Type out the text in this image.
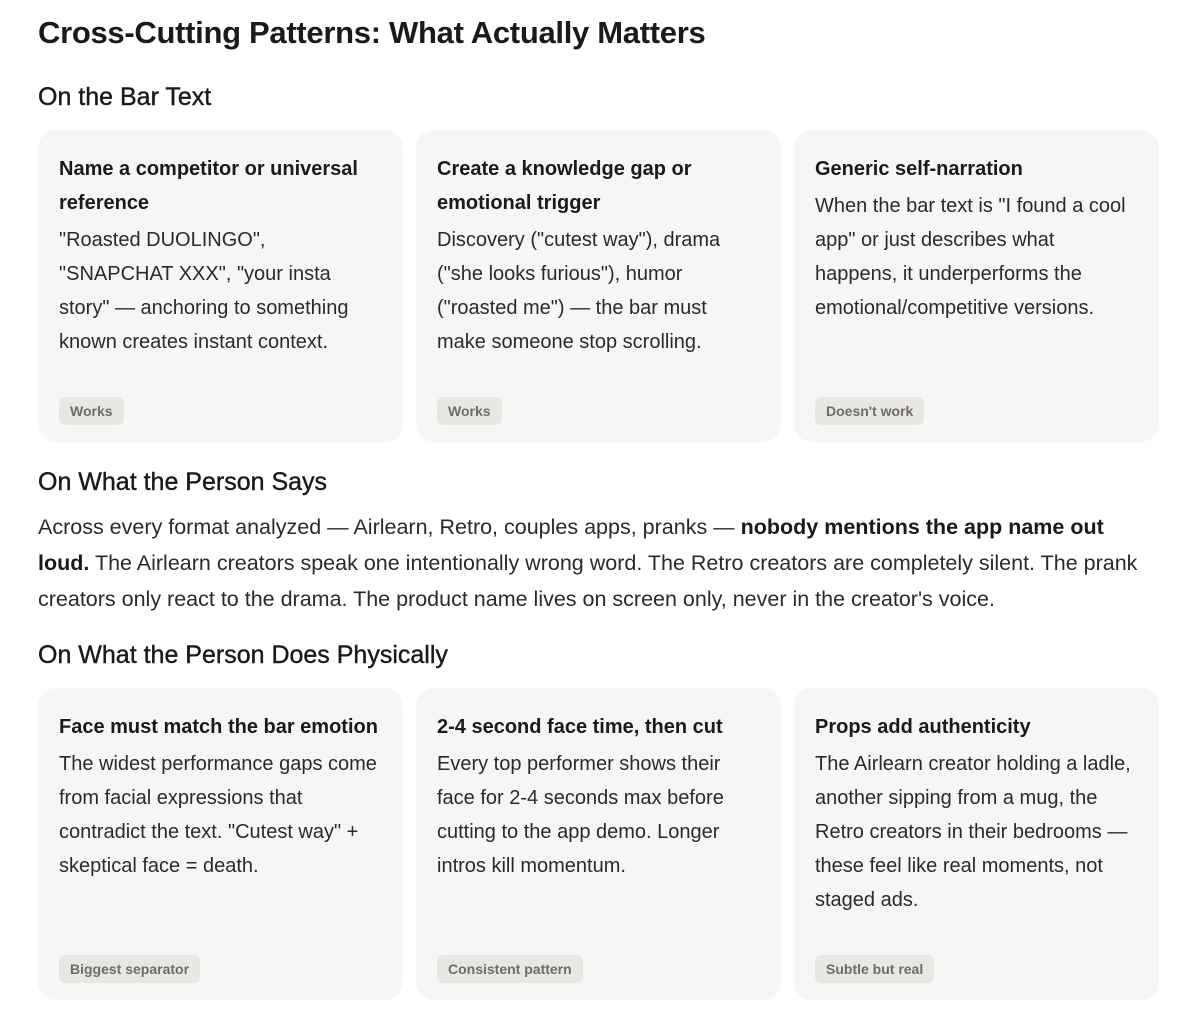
Cross-Cutting Patterns: What Actually Matters
On the Bar Text
Name a competitor or universal reference

"Roasted DUOLINGO", "SNAPCHAT XXX", "your insta story" — anchoring to something known creates instant context.

Works
Create a knowledge gap or emotional trigger

Discovery ("cutest way"), drama ("she looks furious"), humor ("roasted me") — the bar must make someone stop scrolling.

Works
Generic self-narration

When the bar text is "I found a cool app" or just describes what happens, it underperforms the emotional/competitive versions.

Doesn't work
On What the Person Says

Across every format analyzed — Airlearn, Retro, couples apps, pranks — nobody mentions the app name out loud. The Airlearn creators speak one intentionally wrong word. The Retro creators are completely silent. The prank creators only react to the drama. The product name lives on screen only, never in the creator's voice.

On What the Person Does Physically
Face must match the bar emotion

The widest performance gaps come from facial expressions that contradict the text. "Cutest way" + skeptical face = death.

Biggest separator
2-4 second face time, then cut

Every top performer shows their face for 2-4 seconds max before cutting to the app demo. Longer intros kill momentum.

Consistent pattern
Props add authenticity

The Airlearn creator holding a ladle, another sipping from a mug, the Retro creators in their bedrooms — these feel like real moments, not staged ads.

Subtle but real
